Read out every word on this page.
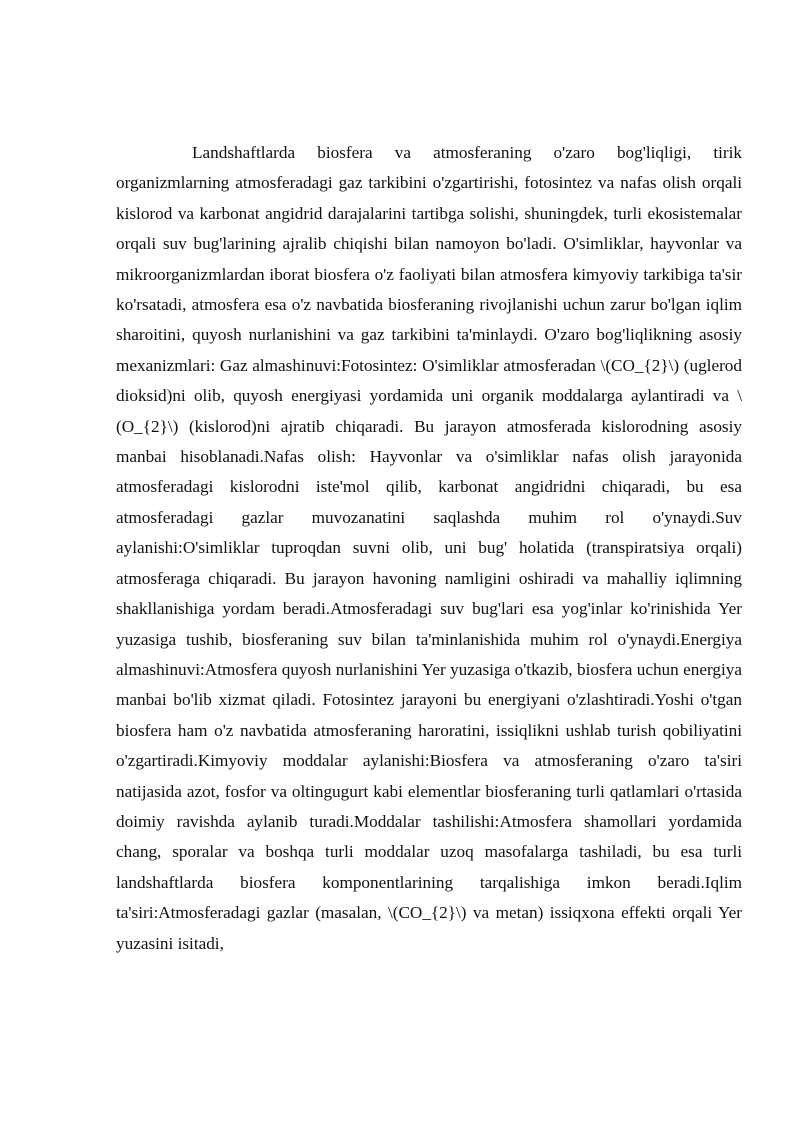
Landshaftlarda biosfera va atmosferaning o'zaro bog'liqligi, tirik organizmlarning atmosferadagi gaz tarkibini o'zgartirishi, fotosintez va nafas olish orqali kislorod va karbonat angidrid darajalarini tartibga solishi, shuningdek, turli ekosistemalar orqali suv bug'larining ajralib chiqishi bilan namoyon bo'ladi. O'simliklar, hayvonlar va mikroorganizmlardan iborat biosfera o'z faoliyati bilan atmosfera kimyoviy tarkibiga ta'sir ko'rsatadi, atmosfera esa o'z navbatida biosferaning rivojlanishi uchun zarur bo'lgan iqlim sharoitini, quyosh nurlanishini va gaz tarkibini ta'minlaydi. O'zaro bog'liqlikning asosiy mexanizmlari: Gaz almashinuvi:Fotosintez: O'simliklar atmosferadan \(CO_{2}\) (uglerod dioksid)ni olib, quyosh energiyasi yordamida uni organik moddalarga aylantiradi va \(O_{2}\) (kislorod)ni ajratib chiqaradi. Bu jarayon atmosferada kislorodning asosiy manbai hisoblanadi.Nafas olish: Hayvonlar va o'simliklar nafas olish jarayonida atmosferadagi kislorodni iste'mol qilib, karbonat angidridni chiqaradi, bu esa atmosferadagi gazlar muvozanatini saqlashda muhim rol o'ynaydi.Suv aylanishi:O'simliklar tuproqdan suvni olib, uni bug' holatida (transpiratsiya orqali) atmosferaga chiqaradi. Bu jarayon havoning namligini oshiradi va mahalliy iqlimning shakllanishiga yordam beradi.Atmosferadagi suv bug'lari esa yog'inlar ko'rinishida Yer yuzasiga tushib, biosferaning suv bilan ta'minlanishida muhim rol o'ynaydi.Energiya almashinuvi:Atmosfera quyosh nurlanishini Yer yuzasiga o'tkazib, biosfera uchun energiya manbai bo'lib xizmat qiladi. Fotosintez jarayoni bu energiyani o'zlashtiradi.Yoshi o'tgan biosfera ham o'z navbatida atmosferaning haroratini, issiqlikni ushlab turish qobiliyatini o'zgartiradi.Kimyoviy moddalar aylanishi:Biosfera va atmosferaning o'zaro ta'siri natijasida azot, fosfor va oltingugurt kabi elementlar biosferaning turli qatlamlari o'rtasida doimiy ravishda aylanib turadi.Moddalar tashilishi:Atmosfera shamollari yordamida chang, sporalar va boshqa turli moddalar uzoq masofalarga tashiladi, bu esa turli landshaftlarda biosfera komponentlarining tarqalishiga imkon beradi.Iqlim ta'siri:Atmosferadagi gazlar (masalan, \(CO_{2}\) va metan) issiqxona effekti orqali Yer yuzasini isitadi,
